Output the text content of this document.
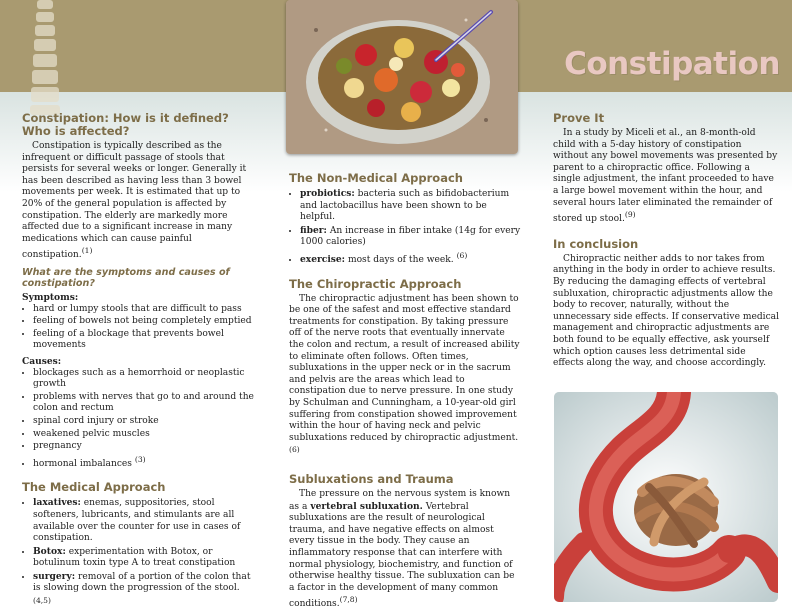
Constipation
Constipation: How is it defined? Who is affected?

Constipation is typically described as the infrequent or difficult passage of stools that persists for several weeks or longer. Generally it has been described as having less than 3 bowel movements per week. It is estimated that up to 20% of the general population is affected by constipation. The elderly are markedly more affected due to a significant increase in many medications which can cause painful constipation.$^{(1)}$

What are the symptoms and causes of constipation?
Symptoms:
• hard or lumpy stools that are difficult to pass
• feeling of bowels not being completely emptied
• feeling of a blockage that prevents bowel movements
Causes:
• blockages such as a hemorrhoid or neoplastic growth
• problems with nerves that go to and around the colon and rectum
• spinal cord injury or stroke
• weakened pelvic muscles
• pregnancy
• hormonal imbalances $^{(3)}$
The Medical Approach
• laxatives: enemas, suppositories, stool softeners, lubricants, and stimulants are all available over the counter for use in cases of constipation.
• Botox: experimentation with Botox, or botulinum toxin type A to treat constipation
• surgery: removal of a portion of the colon that is slowing down the progression of the stool.$^{(4,5)}$
The Non-Medical Approach
• probiotics: bacteria such as bifidobacterium and lactobacillus have been shown to be helpful.
• fiber: An increase in fiber intake (14g for every 1000 calories)
• exercise: most days of the week. $^{(6)}$
The Chiropractic Approach

The chiropractic adjustment has been shown to be one of the safest and most effective standard treatments for constipation. By taking pressure off of the nerve roots that eventually innervate the colon and rectum, a result of increased ability to eliminate often follows. Often times, subluxations in the upper neck or in the sacrum and pelvis are the areas which lead to constipation due to nerve pressure. In one study by Schulman and Cunningham, a 10-year-old girl suffering from constipation showed improvement within the hour of having neck and pelvic subluxations reduced by chiropractic adjustment.$^{(6)}$

Subluxations and Trauma

The pressure on the nervous system is known as a vertebral subluxation. Vertebral subluxations are the result of neurological trauma, and have negative effects on almost every tissue in the body. They cause an inflammatory response that can interfere with normal physiology, biochemistry, and function of otherwise healthy tissue. The subluxation can be a factor in the development of many common conditions.$^{(7,8)}$

Prove It

In a study by Miceli et al., an 8-month-old child with a 5-day history of constipation without any bowel movements was presented by parent to a chiropractic office. Following a single adjustment, the infant proceeded to have a large bowel movement within the hour, and several hours later eliminated the remainder of stored up stool.$^{(9)}$

In conclusion

Chiropractic neither adds to nor takes from anything in the body in order to achieve results. By reducing the damaging effects of vertebral subluxation, chiropractic adjustments allow the body to recover, naturally, without the unnecessary side effects. If conservative medical management and chiropractic adjustments are both found to be equally effective, ask yourself which option causes less detrimental side effects along the way, and choose accordingly.
